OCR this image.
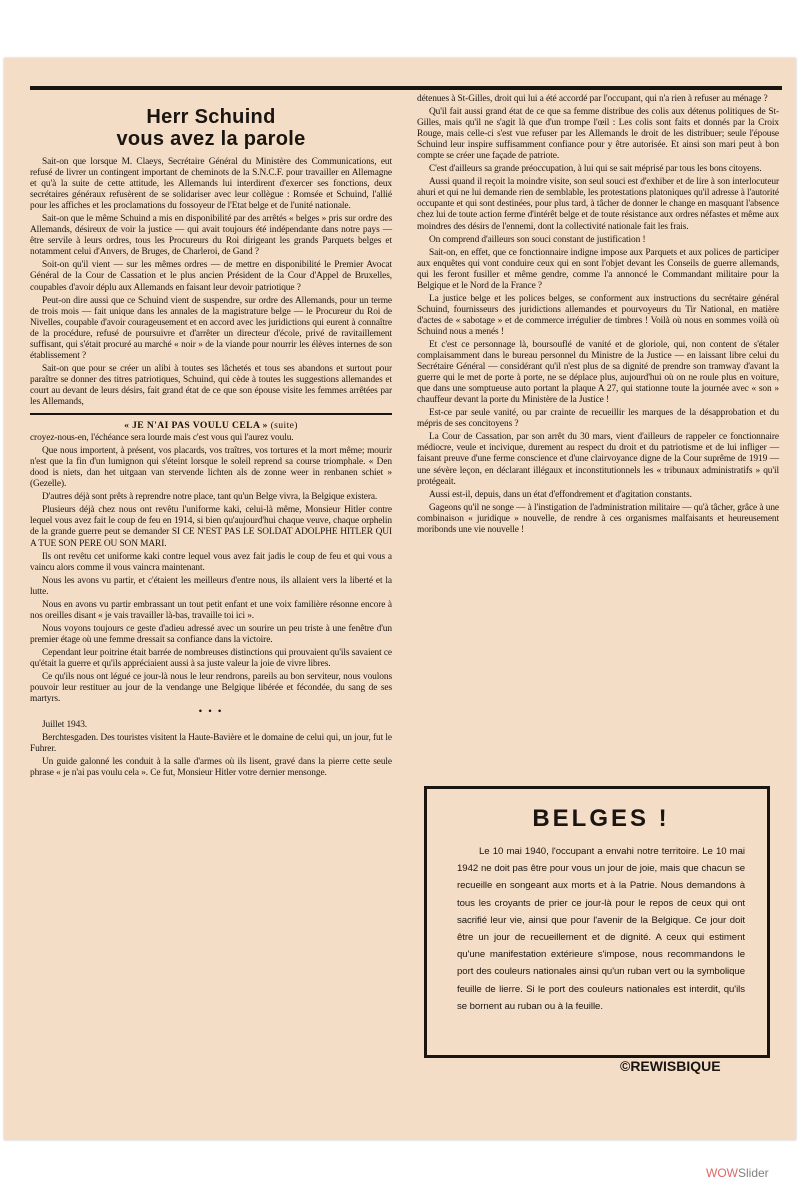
Herr Schuind
vous avez la parole

Sait-on que lorsque M. Claeys, Secrétaire Général du Ministère des Communications, eut refusé de livrer un contingent important de cheminots de la S.N.C.F. pour travailler en Allemagne et qu'à la suite de cette attitude, les Allemands lui interdirent d'exercer ses fonctions, deux secrétaires généraux refusèrent de se solidariser avec leur collègue : Romsée et Schuind, l'allié pour les affiches et les proclamations du fossoyeur de l'Etat belge et de l'unité nationale.

Sait-on que le même Schuind a mis en disponibilité par des arrêtés « belges » pris sur ordre des Allemands, désireux de voir la justice — qui avait toujours été indépendante dans notre pays — être servile à leurs ordres, tous les Procureurs du Roi dirigeant les grands Parquets belges et notamment celui d'Anvers, de Bruges, de Charleroi, de Gand ?

Soit-on qu'il vient — sur les mêmes ordres — de mettre en disponibilité le Premier Avocat Général de la Cour de Cassation et le plus ancien Président de la Cour d'Appel de Bruxelles, coupables d'avoir déplu aux Allemands en faisant leur devoir patriotique ?

Peut-on dire aussi que ce Schuind vient de suspendre, sur ordre des Allemands, pour un terme de trois mois — fait unique dans les annales de la magistrature belge — le Procureur du Roi de Nivelles, coupable d'avoir courageusement et en accord avec les juridictions qui eurent à connaître de la procédure, refusé de poursuivre et d'arrêter un directeur d'école, privé de ravitaillement suffisant, qui s'était procuré au marché « noir » de la viande pour nourrir les élèves internes de son établissement ?

Sait-on que pour se créer un alibi à toutes ses lâchetés et tous ses abandons et surtout pour paraître se donner des titres patriotiques, Schuind, qui cède à toutes les suggestions allemandes et court au devant de leurs désirs, fait grand état de ce que son épouse visite les femmes arrêtées par les Allemands,

« JE N'AI PAS VOULU CELA » (suite)

croyez-nous-en, l'échéance sera lourde mais c'est vous qui l'aurez voulu.

Que nous importent, à présent, vos placards, vos traîtres, vos tortures et la mort même; mourir n'est que la fin d'un lumignon qui s'éteint lorsque le soleil reprend sa course triomphale. « Den dood is niets, dan het uitgaan van stervende lichten als de zonne weer in renbanen schiet » (Gezelle).

D'autres déjà sont prêts à reprendre notre place, tant qu'un Belge vivra, la Belgique existera.

Plusieurs déjà chez nous ont revêtu l'uniforme kaki, celui-là même, Monsieur Hitler contre lequel vous avez fait le coup de feu en 1914, si bien qu'aujourd'hui chaque veuve, chaque orphelin de la grande guerre peut se demander SI CE N'EST PAS LE SOLDAT ADOLPHE HITLER QUI A TUE SON PERE OU SON MARI.

Ils ont revêtu cet uniforme kaki contre lequel vous avez fait jadis le coup de feu et qui vous a vaincu alors comme il vous vaincra maintenant.

Nous les avons vu partir, et c'étaient les meilleurs d'entre nous, ils allaient vers la liberté et la lutte.

Nous en avons vu partir embrassant un tout petit enfant et une voix familière résonne encore à nos oreilles disant « je vais travailler là-bas, travaille toi ici ».

Nous voyons toujours ce geste d'adieu adressé avec un sourire un peu triste à une fenêtre d'un premier étage où une femme dressait sa confiance dans la victoire.

Cependant leur poitrine était barrée de nombreuses distinctions qui prouvaient qu'ils savaient ce qu'était la guerre et qu'ils appréciaient aussi à sa juste valeur la joie de vivre libres.

Ce qu'ils nous ont légué ce jour-là nous le leur rendrons, pareils au bon serviteur, nous voulons pouvoir leur restituer au jour de la vendange une Belgique libérée et fécondée, du sang de ses martyrs.

• • •

Juillet 1943.

Berchtesgaden. Des touristes visitent la Haute-Bavière et le domaine de celui qui, un jour, fut le Fuhrer.

Un guide galonné les conduit à la salle d'armes où ils lisent, gravé dans la pierre cette seule phrase « je n'ai pas voulu cela ». Ce fut, Monsieur Hitler votre dernier mensonge.

détenues à St-Gilles, droit qui lui a été accordé par l'occupant, qui n'a rien à refuser au ménage ?

Qu'il fait aussi grand état de ce que sa femme distribue des colis aux détenus politiques de St-Gilles, mais qu'il ne s'agit là que d'un trompe l'œil : Les colis sont faits et donnés par la Croix Rouge, mais celle-ci s'est vue refuser par les Allemands le droit de les distribuer; seule l'épouse Schuind leur inspire suffisamment confiance pour y être autorisée. Et ainsi son mari peut à bon compte se créer une façade de patriote.

C'est d'ailleurs sa grande préoccupation, à lui qui se sait méprisé par tous les bons citoyens.

Aussi quand il reçoit la moindre visite, son seul souci est d'exhiber et de lire à son interlocuteur ahuri et qui ne lui demande rien de semblable, les protestations platoniques qu'il adresse à l'autorité occupante et qui sont destinées, pour plus tard, à tâcher de donner le change en masquant l'absence chez lui de toute action ferme d'intérêt belge et de toute résistance aux ordres néfastes et même aux moindres des désirs de l'ennemi, dont la collectivité nationale fait les frais.

On comprend d'ailleurs son souci constant de justification !

Sait-on, en effet, que ce fonctionnaire indigne impose aux Parquets et aux polices de participer aux enquêtes qui vont conduire ceux qui en sont l'objet devant les Conseils de guerre allemands, qui les feront fusiller et même gendre, comme l'a annoncé le Commandant militaire pour la Belgique et le Nord de la France ?

La justice belge et les polices belges, se conforment aux instructions du secrétaire général Schuind, fournisseurs des juridictions allemandes et pourvoyeurs du Tir National, en matière d'actes de « sabotage » et de commerce irrégulier de timbres ! Voilà où nous en sommes voilà où Schuind nous a menés !

Et c'est ce personnage là, boursouflé de vanité et de gloriole, qui, non content de s'étaler complaisamment dans le bureau personnel du Ministre de la Justice — en laissant libre celui du Secrétaire Général — considérant qu'il n'est plus de sa dignité de prendre son tramway d'avant la guerre qui le met de porte à porte, ne se déplace plus, aujourd'hui où on ne roule plus en voiture, que dans une somptueuse auto portant la plaque A 27, qui stationne toute la journée avec « son » chauffeur devant la porte du Ministère de la Justice !

Est-ce par seule vanité, ou par crainte de recueillir les marques de la désapprobation et du mépris de ses concitoyens ?

La Cour de Cassation, par son arrêt du 30 mars, vient d'ailleurs de rappeler ce fonctionnaire médiocre, veule et incivique, durement au respect du droit et du patriotisme et de lui infliger — faisant preuve d'une ferme conscience et d'une clairvoyance digne de la Cour suprême de 1919 — une sévère leçon, en déclarant illégaux et inconstitutionnels les « tribunaux administratifs » qu'il protégeait.

Aussi est-il, depuis, dans un état d'effondrement et d'agitation constants.

Gageons qu'il ne songe — à l'instigation de l'administration militaire — qu'à tâcher, grâce à une combinaison « juridique » nouvelle, de rendre à ces organismes malfaisants et heureusement moribonds une vie nouvelle !

BELGES !

Le 10 mai 1940, l'occupant a envahi notre territoire. Le 10 mai 1942 ne doit pas être pour vous un jour de joie, mais que chacun se recueille en songeant aux morts et à la Patrie. Nous demandons à tous les croyants de prier ce jour-là pour le repos de ceux qui ont sacrifié leur vie, ainsi que pour l'avenir de la Belgique. Ce jour doit être un jour de recueillement et de dignité. A ceux qui estiment qu'une manifestation extérieure s'impose, nous recommandons le port des couleurs nationales ainsi qu'un ruban vert ou la symbolique feuille de lierre. Si le port des couleurs nationales est interdit, qu'ils se bornent au ruban ou à la feuille.

©REWISBIQUE
WOWSlider
